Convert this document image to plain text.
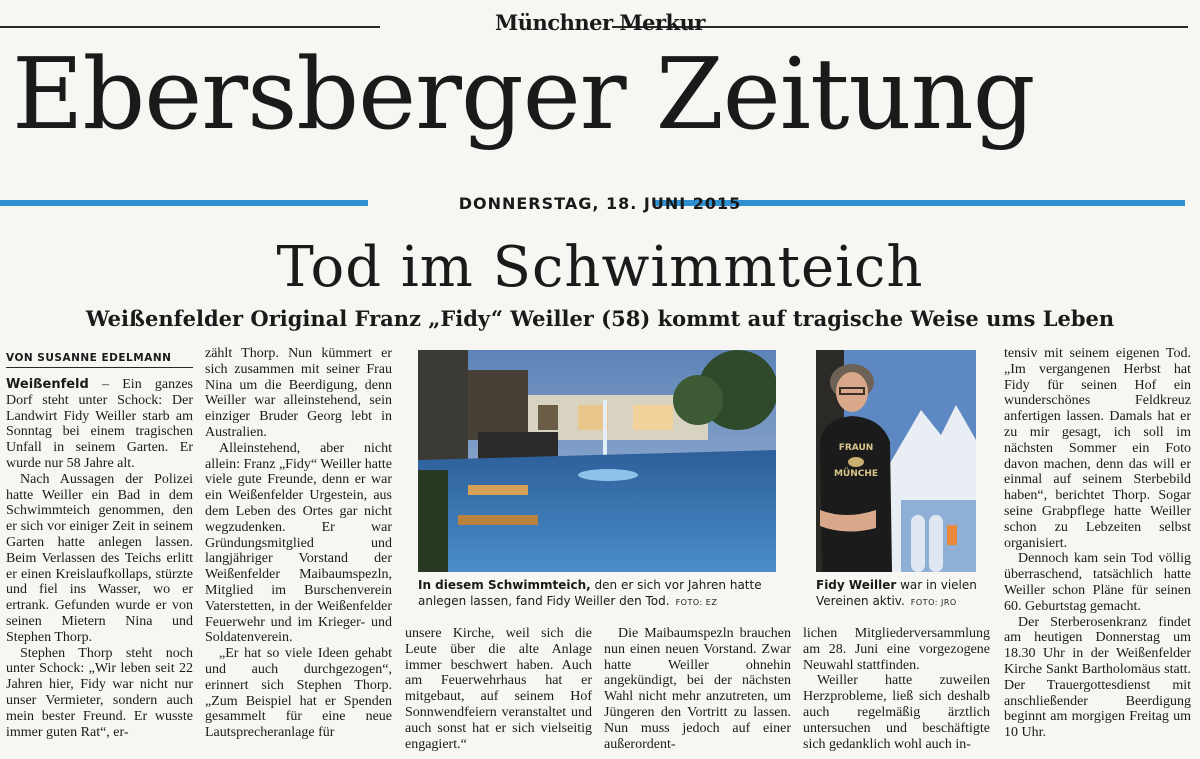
Münchner Merkur
Ebersberger Zeitung
DONNERSTAG, 18. JUNI 2015
Tod im Schwimmteich
Weißenfelder Original Franz „Fidy“ Weiller (58) kommt auf tragische Weise ums Leben
VON SUSANNE EDELMANN

Weißenfeld – Ein ganzes Dorf steht unter Schock: Der Landwirt Fidy Weiller starb am Sonntag bei einem tragischen Unfall in seinem Garten. Er wurde nur 58 Jahre alt.

Nach Aussagen der Polizei hatte Weiller ein Bad in dem Schwimmteich genommen, den er sich vor einiger Zeit in seinem Garten hatte anlegen lassen. Beim Verlassen des Teichs erlitt er einen Kreislaufkollaps, stürzte und fiel ins Wasser, wo er ertrank. Gefunden wurde er von seinen Mietern Nina und Stephen Thorp.

Stephen Thorp steht noch unter Schock: „Wir leben seit 22 Jahren hier, Fidy war nicht nur unser Vermieter, sondern auch mein bester Freund. Er wusste immer guten Rat“, er-

zählt Thorp. Nun kümmert er sich zusammen mit seiner Frau Nina um die Beerdigung, denn Weiller war alleinstehend, sein einziger Bruder Georg lebt in Australien.

Alleinstehend, aber nicht allein: Franz „Fidy“ Weiller hatte viele gute Freunde, denn er war ein Weißenfelder Urgestein, aus dem Leben des Ortes gar nicht wegzudenken. Er war Gründungsmitglied und langjähriger Vorstand der Weißenfelder Maibaumspezln, Mitglied im Burschenverein Vaterstetten, in der Weißenfelder Feuerwehr und im Krieger- und Soldatenverein.

„Er hat so viele Ideen gehabt und auch durchgezogen“, erinnert sich Stephen Thorp. „Zum Beispiel hat er Spenden gesammelt für eine neue Lautsprecheranlage für

In diesem Schwimmteich, den er sich vor Jahren hatte anlegen lassen, fand Fidy Weiller den Tod. FOTO: EZ
FRAUN
MÜNCHE
Fidy Weiller war in vielen Vereinen aktiv. FOTO: JRO

unsere Kirche, weil sich die Leute über die alte Anlage immer beschwert haben. Auch am Feuerwehrhaus hat er mitgebaut, auf seinem Hof Sonnwendfeiern veranstaltet und auch sonst hat er sich vielseitig engagiert.“

Die Maibaumspezln brauchen nun einen neuen Vorstand. Zwar hatte Weiller ohnehin angekündigt, bei der nächsten Wahl nicht mehr anzutreten, um Jüngeren den Vortritt zu lassen. Nun muss jedoch auf einer außerordent-

lichen Mitgliederversammlung am 28. Juni eine vorgezogene Neuwahl stattfinden.

Weiller hatte zuweilen Herzprobleme, ließ sich deshalb auch regelmäßig ärztlich untersuchen und beschäftigte sich gedanklich wohl auch in-

tensiv mit seinem eigenen Tod. „Im vergangenen Herbst hat Fidy für seinen Hof ein wunderschönes Feldkreuz anfertigen lassen. Damals hat er zu mir gesagt, ich soll im nächsten Sommer ein Foto davon machen, denn das will er einmal auf seinem Sterbebild haben“, berichtet Thorp. Sogar seine Grabpflege hatte Weiller schon zu Lebzeiten selbst organisiert.

Dennoch kam sein Tod völlig überraschend, tatsächlich hatte Weiller schon Pläne für seinen 60. Geburtstag gemacht.

Der Sterberosenkranz findet am heutigen Donnerstag um 18.30 Uhr in der Weißenfelder Kirche Sankt Bartholomäus statt. Der Trauergottesdienst mit anschließender Beerdigung beginnt am morgigen Freitag um 10 Uhr.
